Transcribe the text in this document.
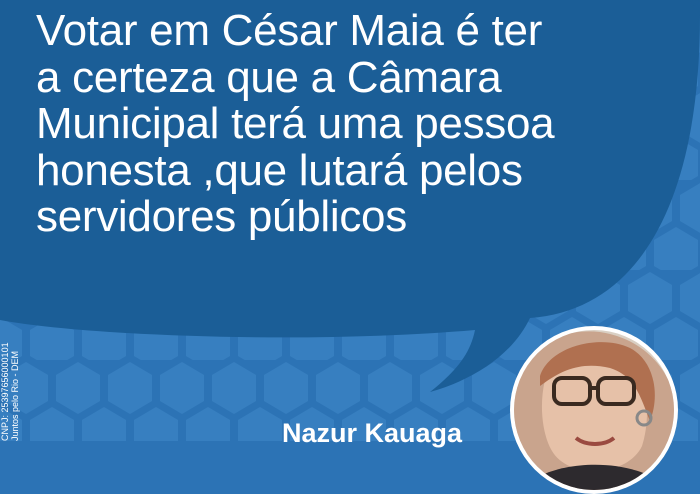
Votar em César Maia é ter
a certeza que a Câmara
Municipal terá uma pessoa
honesta ,que lutará pelos
servidores públicos
CNPJ: 25397656000101 Juntos pelo Rio - DEM	Nazur Kauaga
